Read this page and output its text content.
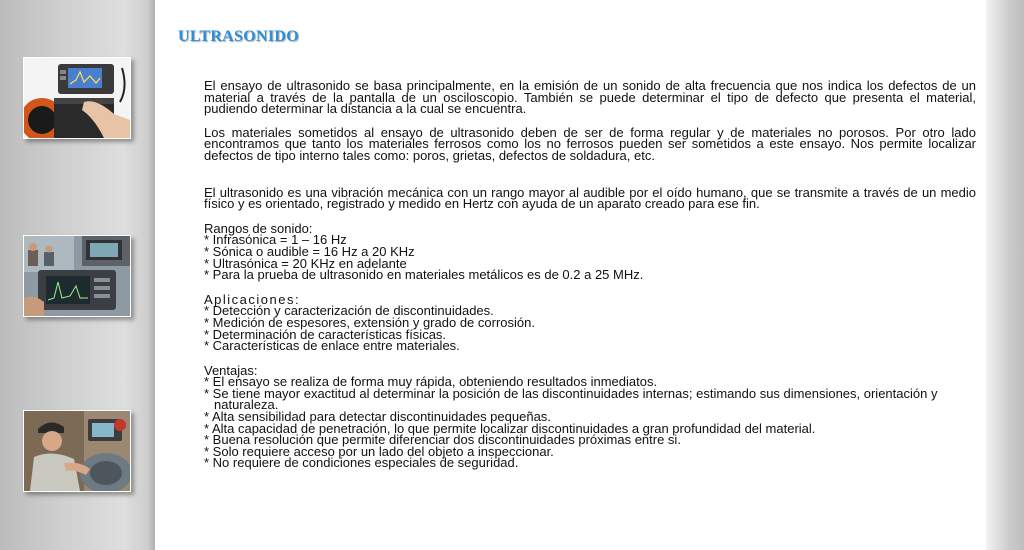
ULTRASONIDO

El ensayo de ultrasonido se basa principalmente, en la emisión de un sonido de alta frecuencia que nos indica los defectos de un material a través de la pantalla de un osciloscopio. También se puede determinar el tipo de defecto que presenta el material, pudiendo determinar la distancia a la cual se encuentra.

Los materiales sometidos al ensayo de ultrasonido deben de ser de forma regular y de materiales no porosos. Por otro lado encontramos que tanto los materiales ferrosos como los no ferrosos pueden ser sometidos a este ensayo. Nos permite localizar defectos de tipo interno tales como: poros, grietas, defectos de soldadura, etc.

El ultrasonido es una vibración mecánica con un rango mayor al audible por el oído humano, que se transmite a través de un medio físico y es orientado, registrado y medido en Hertz con ayuda de un aparato creado para ese fin.

Rangos de sonido:
* Infrasónica = 1 – 16 Hz
* Sónica o audible = 16 Hz a 20 KHz
* Ultrasónica = 20 KHz en adelante
* Para la prueba de ultrasonido en materiales metálicos es de 0.2 a 25 MHz.
Aplicaciones:
* Detección y caracterización de discontinuidades.
* Medición de espesores, extensión y grado de corrosión.
* Determinación de características físicas.
* Características de enlace entre materiales.
Ventajas:
* El ensayo se realiza de forma muy rápida, obteniendo resultados inmediatos.
* Se tiene mayor exactitud al determinar la posición de las discontinuidades internas; estimando sus dimensiones, orientación y naturaleza.
* Alta sensibilidad para detectar discontinuidades pequeñas.
* Alta capacidad de penetración, lo que permite localizar discontinuidades a gran profundidad del material.
* Buena resolución que permite diferenciar dos discontinuidades próximas entre si.
* Solo requiere acceso por un lado del objeto a inspeccionar.
* No requiere de condiciones especiales de seguridad.
